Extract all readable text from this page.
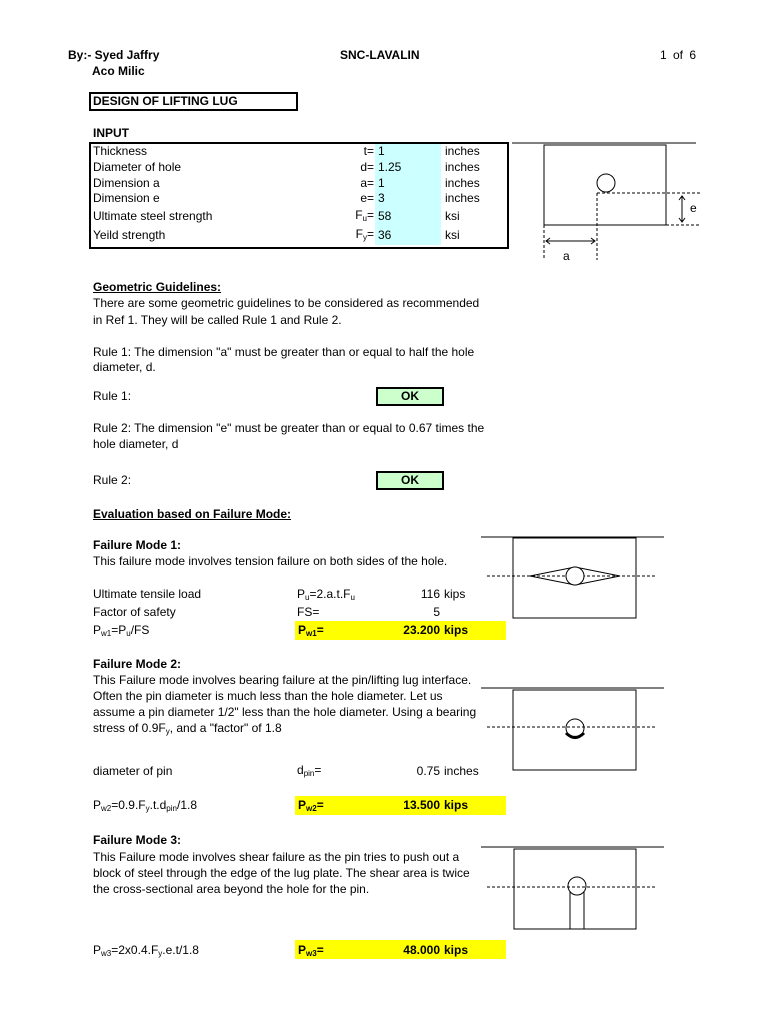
By:- Syed Jaffry
Aco Milic
SNC-LAVALIN	1 of 6
DESIGN OF LIFTING LUG
INPUT
Thickness	t= 1	inches
Diameter of hole	d= 1.25	inches
Dimension a	a= 1	inches
Dimension e	e= 3	inches
Ultimate steel strength	$F_u= 58$	ksi
Yeild strength	$F_y= 36$	ksi
e
a
Geometric Guidelines:
There are some geometric guidelines to be considered as recommended
in Ref 1. They will be called Rule 1 and Rule 2.
Rule 1: The dimension "a" must be greater than or equal to half the hole
diameter, d.
Rule 1:	OK
Rule 2: The dimension "e" must be greater than or equal to 0.67 times the
hole diameter, d
Rule 2:	OK
Evaluation based on Failure Mode:
Failure Mode 1:
This failure mode involves tension failure on both sides of the hole.
Ultimate tensile load	$P_u=2.a.t.F_u$	116 kips
Factor of safety	FS=	5
$P_{w1}=P_u/FS$	$P_{w1}=$	23.200 kips
Failure Mode 2:
This Failure mode involves bearing failure at the pin/lifting lug interface.
Often the pin diameter is much less than the hole diameter. Let us
assume a pin diameter 1/2" less than the hole diameter. Using a bearing
stress of $0.9F_y$, and a "factor" of 1.8
diameter of pin	$d_{pin}=$	0.75 inches
$P_{w2}=0.9.F_y.t.d_{pin}/1.8$	$P_{w2}=$	13.500 kips
Failure Mode 3:
This Failure mode involves shear failure as the pin tries to push out a
block of steel through the edge of the lug plate. The shear area is twice
the cross-sectional area beyond the hole for the pin.
$P_{w3}=2x0.4.F_y.e.t/1.8$	$P_{w3}=$	48.000 kips
